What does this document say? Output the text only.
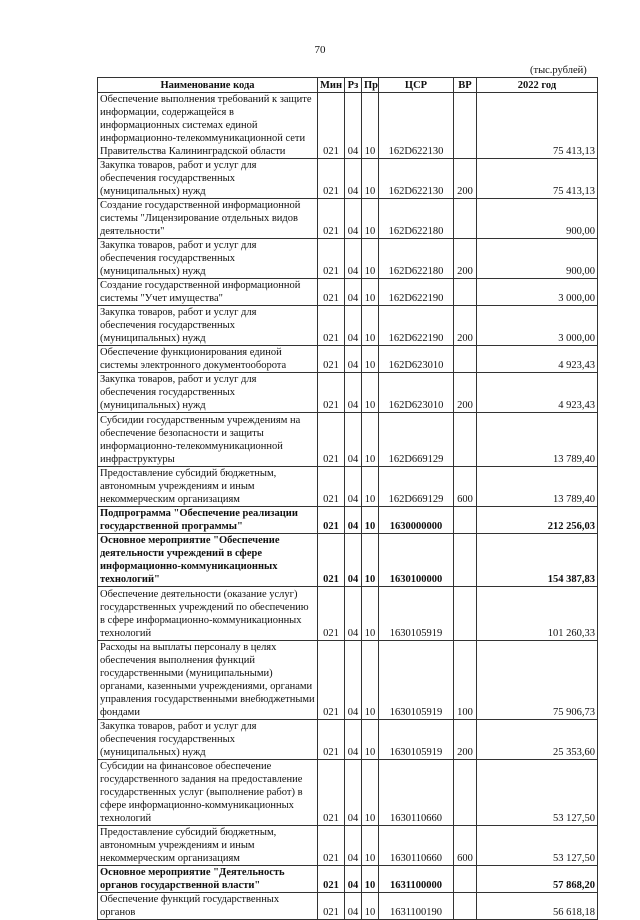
70
(тыс.рублей)
Наименование кода	Мин	Рз	Пр	ЦСР	ВР	2022 год
Обеспечение выполнения требований к защите информации, содержащейся в информационных системах единой информационно-телекоммуникационной сети Правительства Калининградской области	021	04	10	162D622130		75 413,13
Закупка товаров, работ и услуг для обеспечения государственных (муниципальных) нужд	021	04	10	162D622130	200	75 413,13
Создание государственной информационной системы "Лицензирование отдельных видов деятельности"	021	04	10	162D622180		900,00
Закупка товаров, работ и услуг для обеспечения государственных (муниципальных) нужд	021	04	10	162D622180	200	900,00
Создание государственной информационной системы "Учет имущества"	021	04	10	162D622190		3 000,00
Закупка товаров, работ и услуг для обеспечения государственных (муниципальных) нужд	021	04	10	162D622190	200	3 000,00
Обеспечение функционирования единой системы электронного документооборота	021	04	10	162D623010		4 923,43
Закупка товаров, работ и услуг для обеспечения государственных (муниципальных) нужд	021	04	10	162D623010	200	4 923,43
Субсидии государственным учреждениям на обеспечение безопасности и защиты информационно-телекоммуникационной инфраструктуры	021	04	10	162D669129		13 789,40
Предоставление субсидий бюджетным, автономным учреждениям и иным некоммерческим организациям	021	04	10	162D669129	600	13 789,40
Подпрограмма "Обеспечение реализации государственной программы"	021	04	10	1630000000		212 256,03
Основное мероприятие "Обеспечение деятельности учреждений в сфере информационно-коммуникационных технологий"	021	04	10	1630100000		154 387,83
Обеспечение деятельности (оказание услуг) государственных учреждений по обеспечению в сфере информационно-коммуникационных технологий	021	04	10	1630105919		101 260,33
Расходы на выплаты персоналу в целях обеспечения выполнения функций государственными (муниципальными) органами, казенными учреждениями, органами управления государственными внебюджетными фондами	021	04	10	1630105919	100	75 906,73
Закупка товаров, работ и услуг для обеспечения государственных (муниципальных) нужд	021	04	10	1630105919	200	25 353,60
Субсидии на финансовое обеспечение государственного задания на предоставление государственных услуг (выполнение работ) в сфере информационно-коммуникационных технологий	021	04	10	1630110660		53 127,50
Предоставление субсидий бюджетным, автономным учреждениям и иным некоммерческим организациям	021	04	10	1630110660	600	53 127,50
Основное мероприятие "Деятельность органов государственной власти"	021	04	10	1631100000		57 868,20
Обеспечение функций государственных органов	021	04	10	1631100190		56 618,18
